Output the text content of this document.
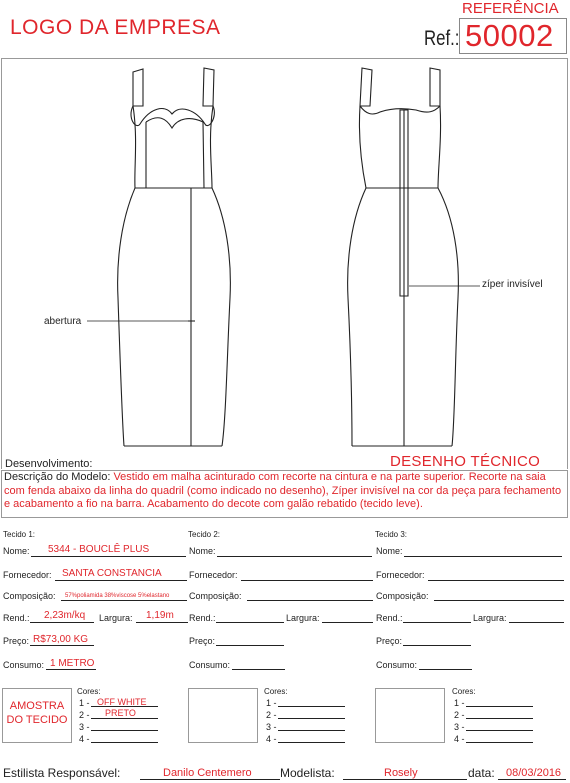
LOGO DA EMPRESA
REFERÊNCIA
Ref.: 50002
abertura
zíper invisível
Desenvolvimento:	DESENHO TÉCNICO
Descrição do Modelo: Vestido em malha acinturado com recorte na cintura e na parte superior. Recorte na saia com fenda abaixo da linha do quadril (como indicado no desenho), Zíper invisível na cor da peça para fechamento e acabamento a fio na barra. Acabamento do decote com galão rebatido (tecido leve).
Tecido 1:
Nome: 5344 - BOUCLÊ PLUS
Fornecedor: SANTA CONSTANCIA
Composição: 57%poliamida 38%viscose 5%elastano
Rend.: 2,23m/kq Largura: 1,19m
Preço: R$73,00 KG
Consumo: 1 METRO
AMOSTRA DO TECIDO
Cores:
1 - OFF WHITE
2 - PRETO
3 -
4 -
Tecido 2:
Nome:
Fornecedor:
Composição:
Rend.:	Largura:
Preço:
Consumo:
Cores:
1 -
2 -
3 -
4 -
Tecido 3:
Nome:
Fornecedor:
Composição:
Rend.:	Largura:
Preço:
Consumo:
Cores:
1 -
2 -
3 -
4 -
Estilista Responsável:	Danilo Centemero Modelista:	Rosely	data: 08/03/2016
